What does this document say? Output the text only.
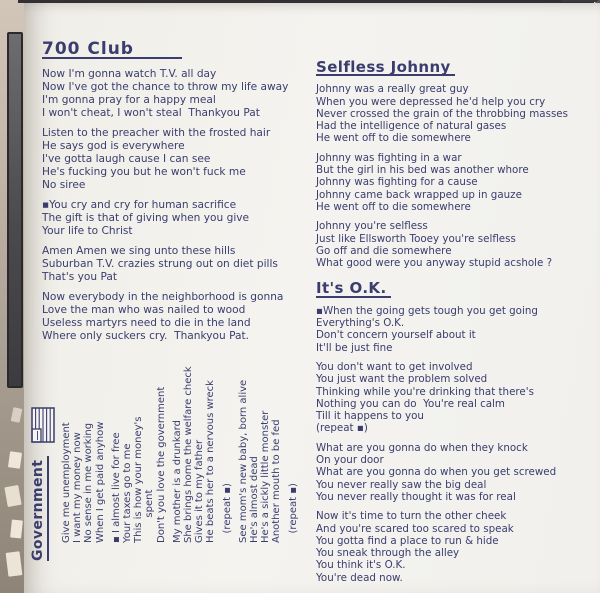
700 Club
Now I'm gonna watch T.V. all day
Now I've got the chance to throw my life away
I'm gonna pray for a happy meal
I won't cheat, I won't steal  Thankyou Pat
Listen to the preacher with the frosted hair
He says god is everywhere
I've gotta laugh cause I can see
He's fucking you but he won't fuck me
No siree
▪You cry and cry for human sacrifice
The gift is that of giving when you give
Your life to Christ
Amen Amen we sing unto these hills
Suburban T.V. crazies strung out on diet pills
That's you Pat
Now everybody in the neighborhood is gonna
Love the man who was nailed to wood
Useless martyrs need to die in the land
Where only suckers cry.  Thankyou Pat.
Selfless Johnny
Johnny was a really great guy
When you were depressed he'd help you cry
Never crossed the grain of the throbbing masses
Had the intelligence of natural gases
He went off to die somewhere
Johnny was fighting in a war
But the girl in his bed was another whore
Johnny was fighting for a cause
Johnny came back wrapped up in gauze
He went off to die somewhere
Johnny you're selfless
Just like Ellsworth Tooey you're selfless
Go off and die somewhere
What good were you anyway stupid acshole ?
It's O.K.
▪When the going gets tough you get going
Everything's O.K.
Don't concern yourself about it
It'll be just fine
You don't want to get involved
You just want the problem solved
Thinking while you're drinking that there's
Nothing you can do  You're real calm
Till it happens to you
(repeat ▪)
What are you gonna do when they knock
On your door
What are you gonna do when you get screwed
You never really saw the big deal
You never really thought it was for real
Now it's time to turn the other cheek
And you're scared too scared to speak
You gotta find a place to run & hide
You sneak through the alley
You think it's O.K.
You're dead now.
Government	Give me unemployment I want my money now No sense in me working When I get paid anyhow ▪ I almost live for free Your taxes go to me This is how your money's spent Don't you love the government My mother is a drunkard She brings home the welfare check Gives it to my father He beats her to a nervous wreck (repeat ▪) See mom's new baby, born alive He's almost dead He's a sickly little monster Another mouth to be fed (repeat ▪)
